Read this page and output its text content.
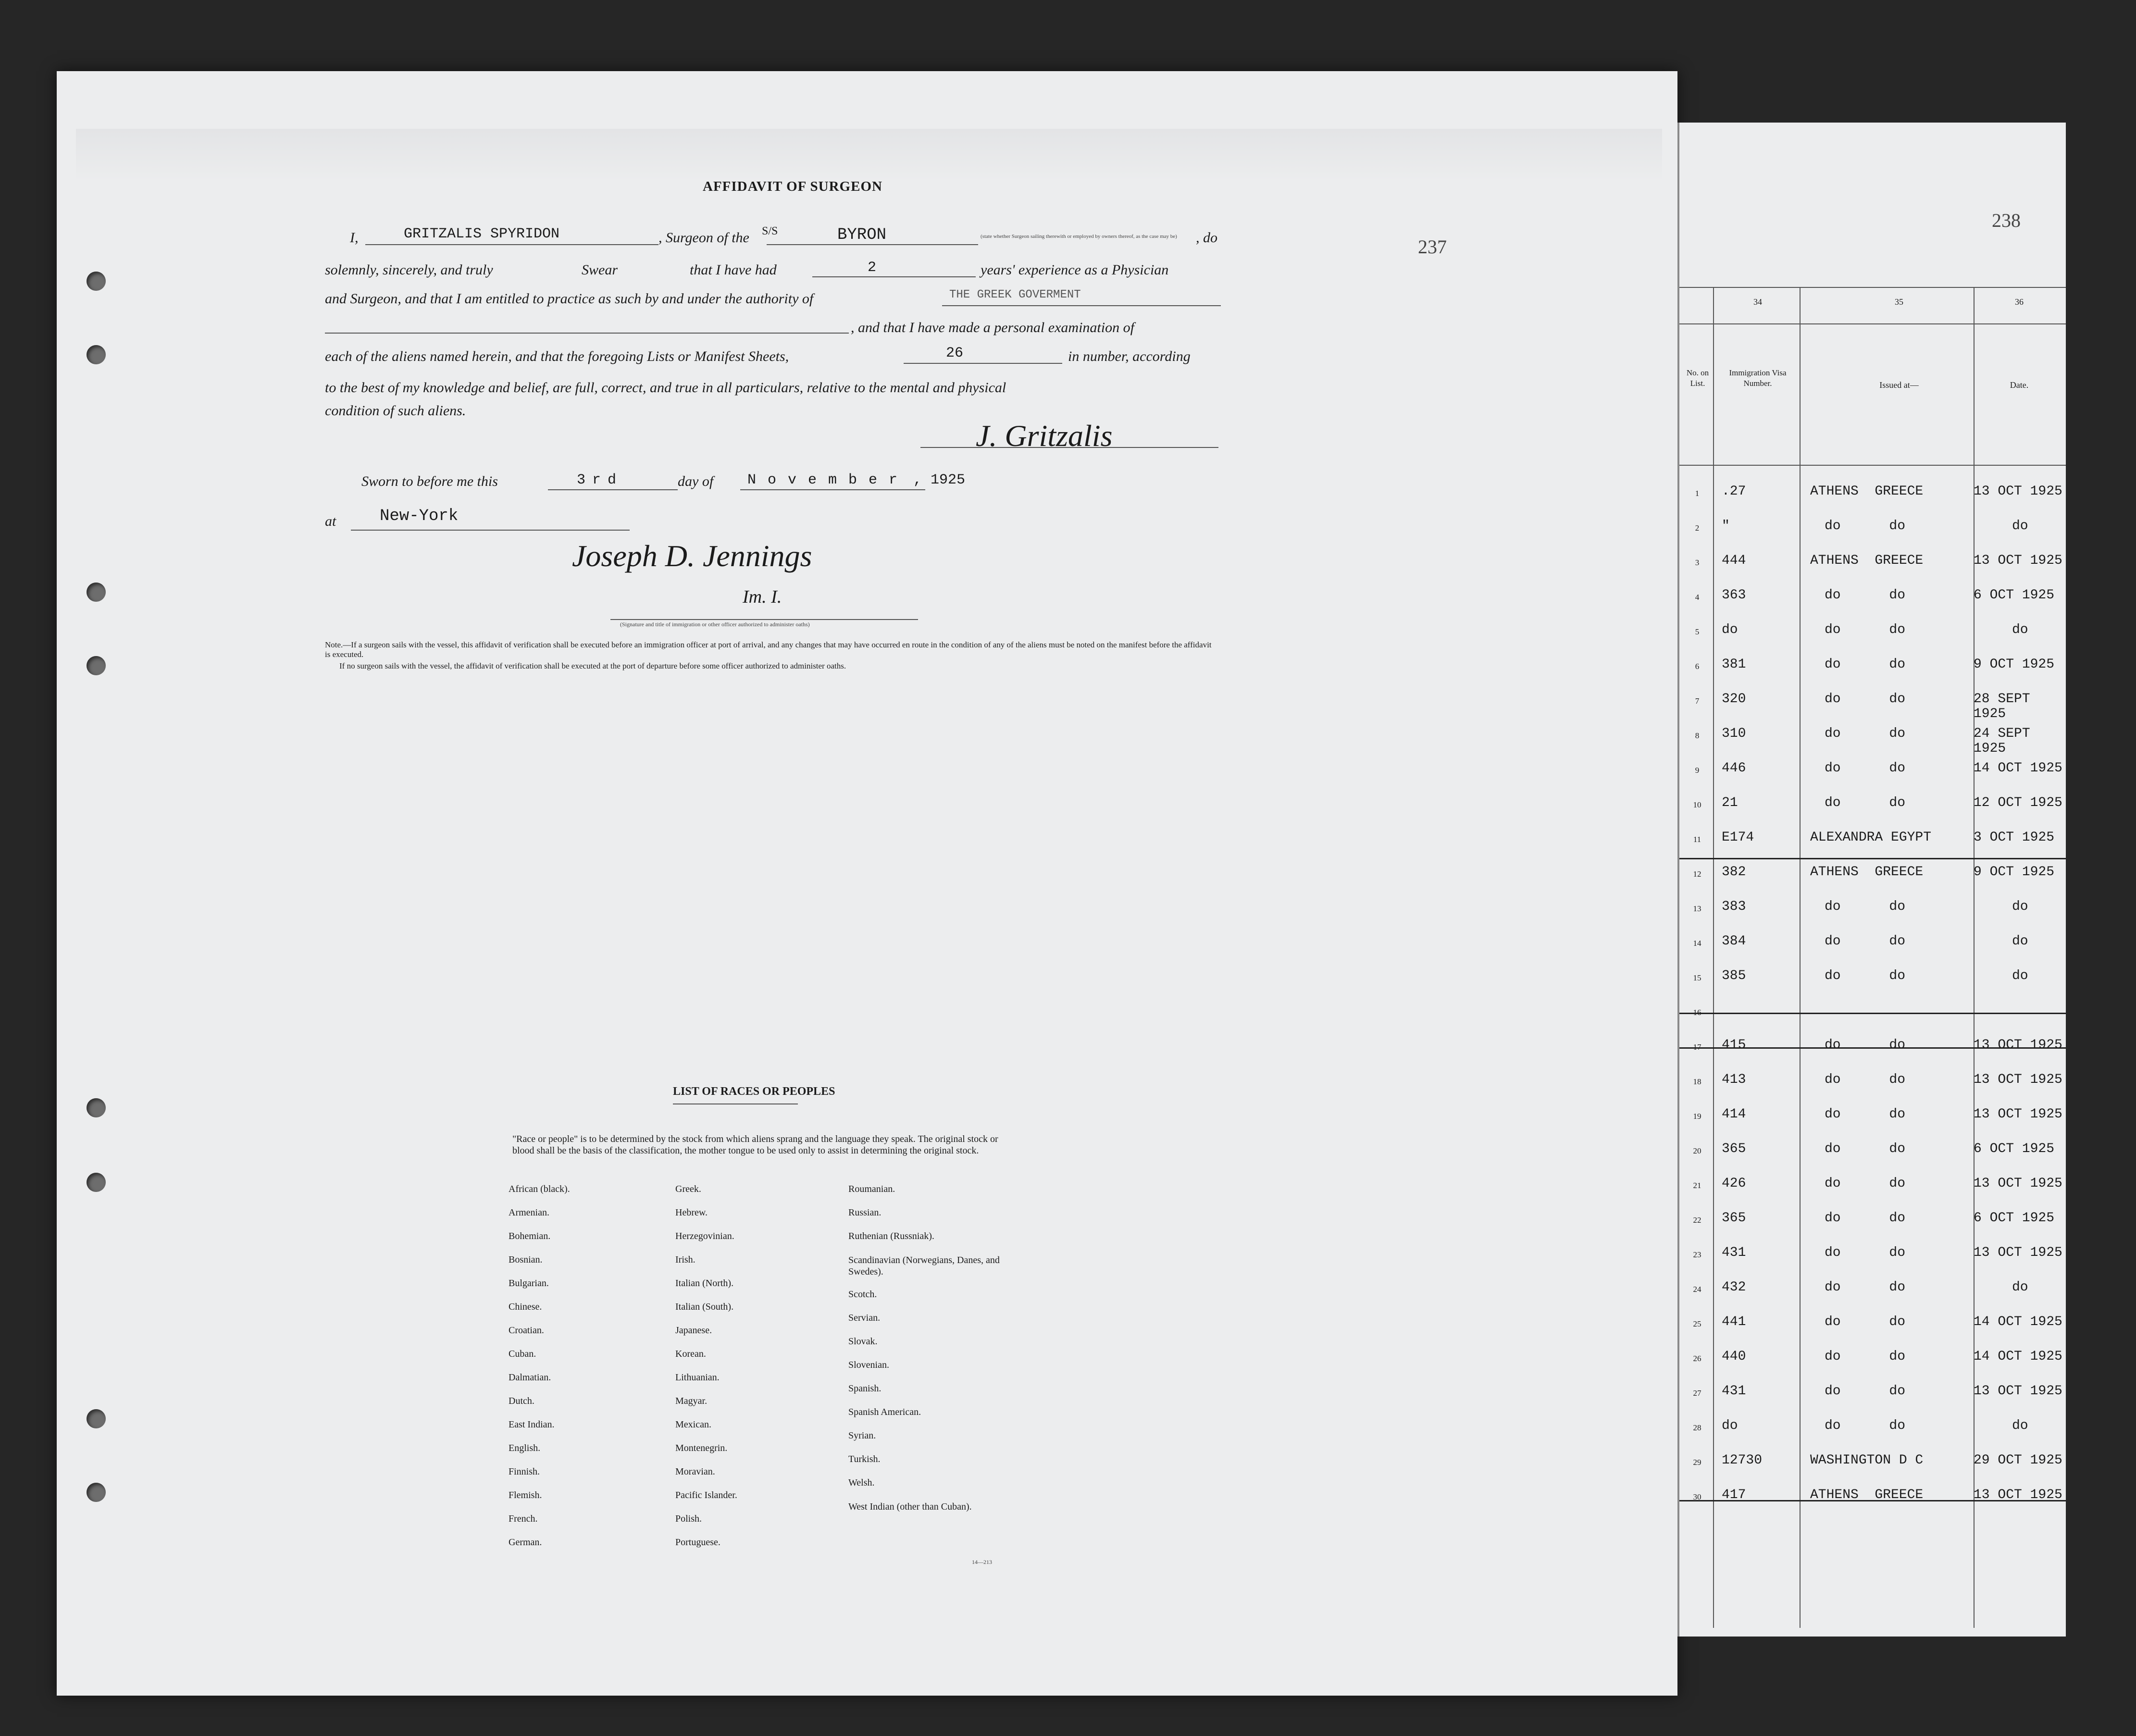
AFFIDAVIT OF SURGEON
I,	GRITZALIS SPYRIDON	, Surgeon of the S/S	BYRON	(state whether Surgeon sailing therewith or employed by owners thereof, as the case may be)	, do
solemnly, sincerely, and truly	Swear	that I have had	2	years' experience as a Physician
and Surgeon, and that I am entitled to practice as such by and under the authority of	THE GREEK GOVERMENT
, and that I have made a personal examination of
each of the aliens named herein, and that the foregoing Lists or Manifest Sheets,	26	in number, according
to the best of my knowledge and belief, are full, correct, and true in all particulars, relative to the mental and physical
condition of such aliens.
J. Gritzalis
Sworn to before me this	3rd	day of November , 1925
at	New-York
Joseph D. Jennings
Im. I.
(Signature and title of immigration or other officer authorized to administer oaths)
Note.—If a surgeon sails with the vessel, this affidavit of verification shall be executed before an immigration officer at port of arrival, and any changes that may have occurred en route in the condition of any of the aliens must be noted on the manifest before the affidavit is executed.
If no surgeon sails with the vessel, the affidavit of verification shall be executed at the port of departure before some officer authorized to administer oaths.
237
LIST OF RACES OR PEOPLES
"Race or people" is to be determined by the stock from which aliens sprang and the language they speak. The original stock or blood shall be the basis of the classification, the mother tongue to be used only to assist in determining the original stock.
African (black).
Armenian.
Bohemian.
Bosnian.
Bulgarian.
Chinese.
Croatian.
Cuban.
Dalmatian.
Dutch.
East Indian.
English.
Finnish.
Flemish.
French.
German.
Greek.
Hebrew.
Herzegovinian.
Irish.
Italian (North).
Italian (South).
Japanese.
Korean.
Lithuanian.
Magyar.
Mexican.
Montenegrin.
Moravian.
Pacific Islander.
Polish.
Portuguese.
Roumanian.
Russian.
Ruthenian (Russniak).
Scandinavian (Norwegians, Danes, and Swedes).
Scotch.
Servian.
Slovak.
Slovenian.
Spanish.
Spanish American.
Syrian.
Turkish.
Welsh.
West Indian (other than Cuban).
14—213
238
34	35	36
No. on List.
Immigration Visa Number.	Issued at—	Date.
1	.27	ATHENS  GREECE	13 OCT 1925
2	"	do      do	do
3	444	ATHENS  GREECE	13 OCT 1925
4	363	do      do	6 OCT 1925
5	do	do      do	do
6	381	do      do	9 OCT 1925
7	320	do      do	28 SEPT 1925
8	310	do      do	24 SEPT 1925
9	446	do      do	14 OCT 1925
10	21	do      do	12 OCT 1925
11	E174	ALEXANDRA EGYPT	3 OCT 1925
12	382	ATHENS  GREECE	9 OCT 1925
13	383	do      do	do
14	384	do      do	do
15	385	do      do	do
16
17	415	do      do	13 OCT 1925
18	413	do      do	13 OCT 1925
19	414	do      do	13 OCT 1925
20	365	do      do	6 OCT 1925
21	426	do      do	13 OCT 1925
22	365	do      do	6 OCT 1925
23	431	do      do	13 OCT 1925
24	432	do      do	do
25	441	do      do	14 OCT 1925
26	440	do      do	14 OCT 1925
27	431	do      do	13 OCT 1925
28	do	do      do	do
29	12730	WASHINGTON D C	29 OCT 1925
30	417	ATHENS  GREECE	13 OCT 1925
